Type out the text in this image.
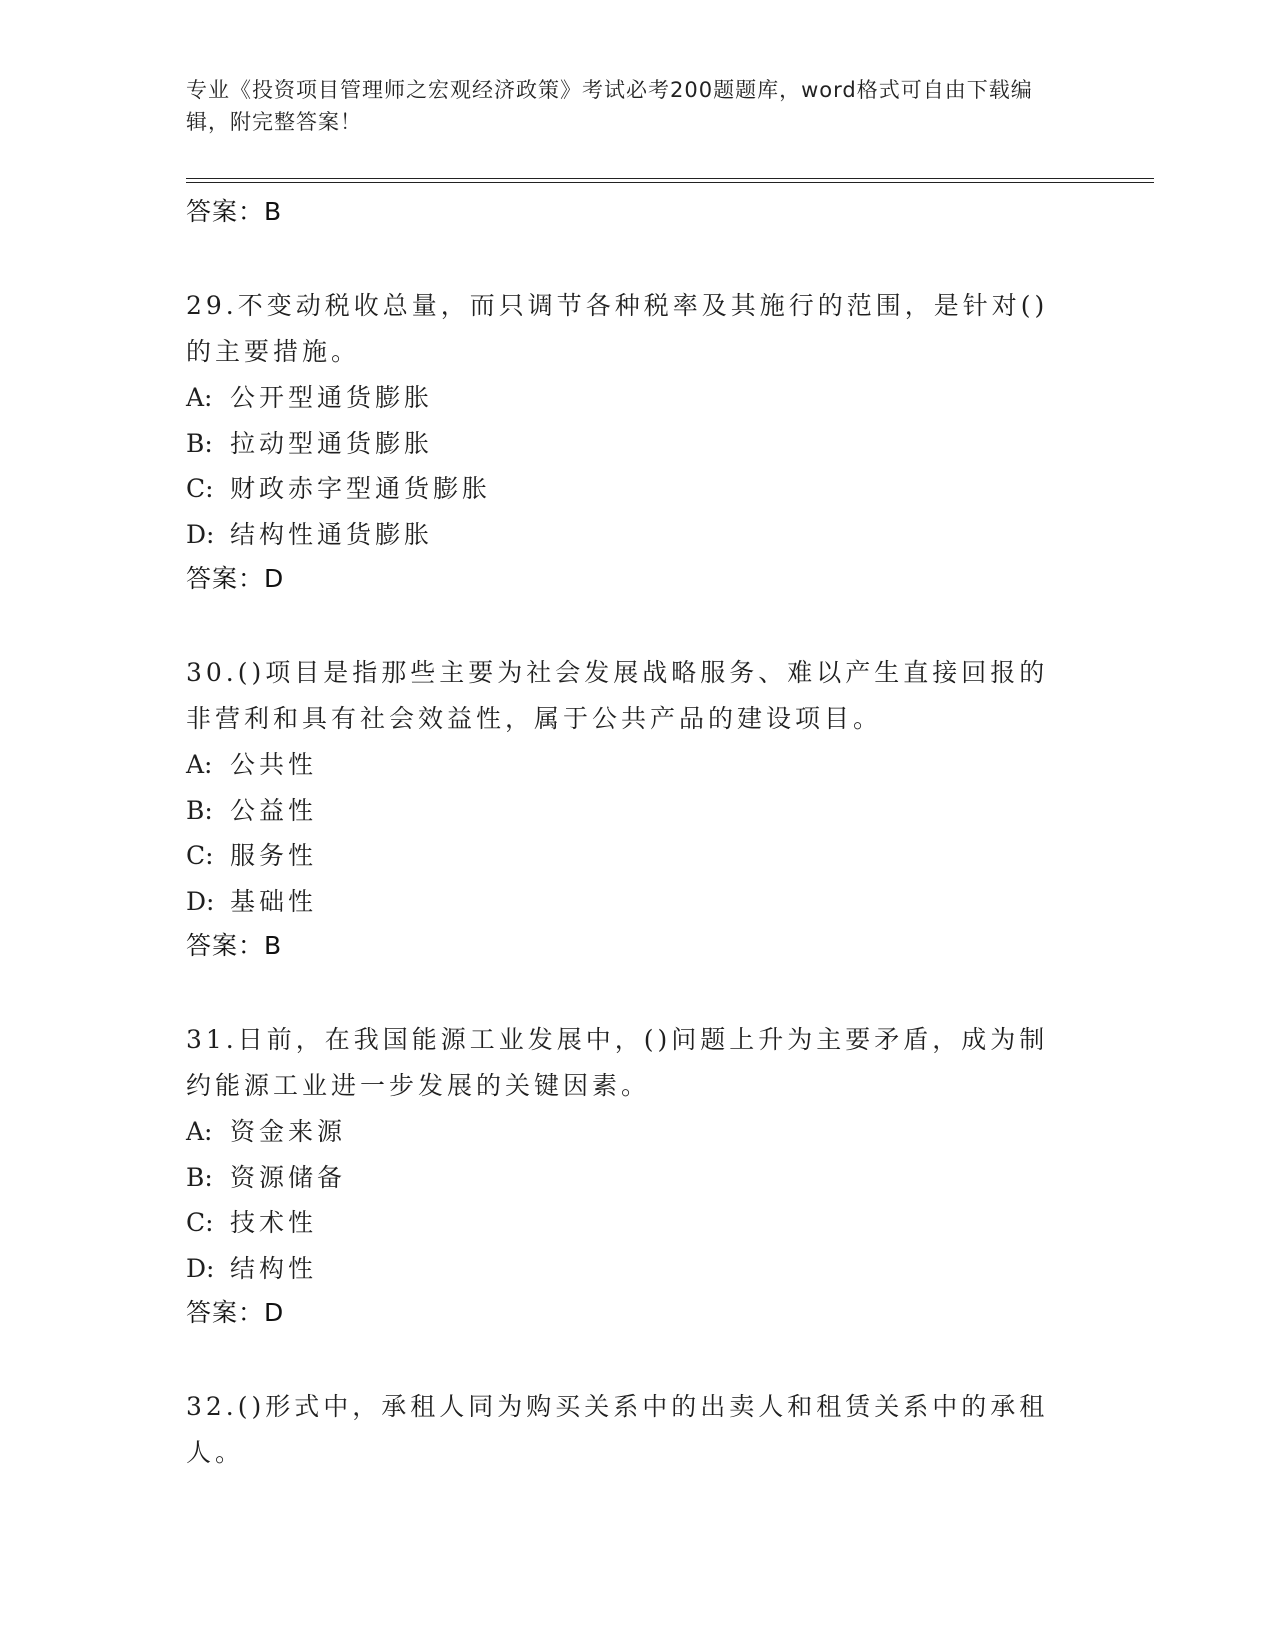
专业《投资项目管理师之宏观经济政策》考试必考200题题库，word格式可自由下载编辑，附完整答案！
答案：B
29.不变动税收总量，而只调节各种税率及其施行的范围，是针对()的主要措施。
A: 公开型通货膨胀
B: 拉动型通货膨胀
C: 财政赤字型通货膨胀
D: 结构性通货膨胀
答案：D
30.()项目是指那些主要为社会发展战略服务、难以产生直接回报的非营利和具有社会效益性，属于公共产品的建设项目。
A: 公共性
B: 公益性
C: 服务性
D: 基础性
答案：B
31.日前，在我国能源工业发展中，()问题上升为主要矛盾，成为制约能源工业进一步发展的关键因素。
A: 资金来源
B: 资源储备
C: 技术性
D: 结构性
答案：D
32.()形式中，承租人同为购买关系中的出卖人和租赁关系中的承租人。
